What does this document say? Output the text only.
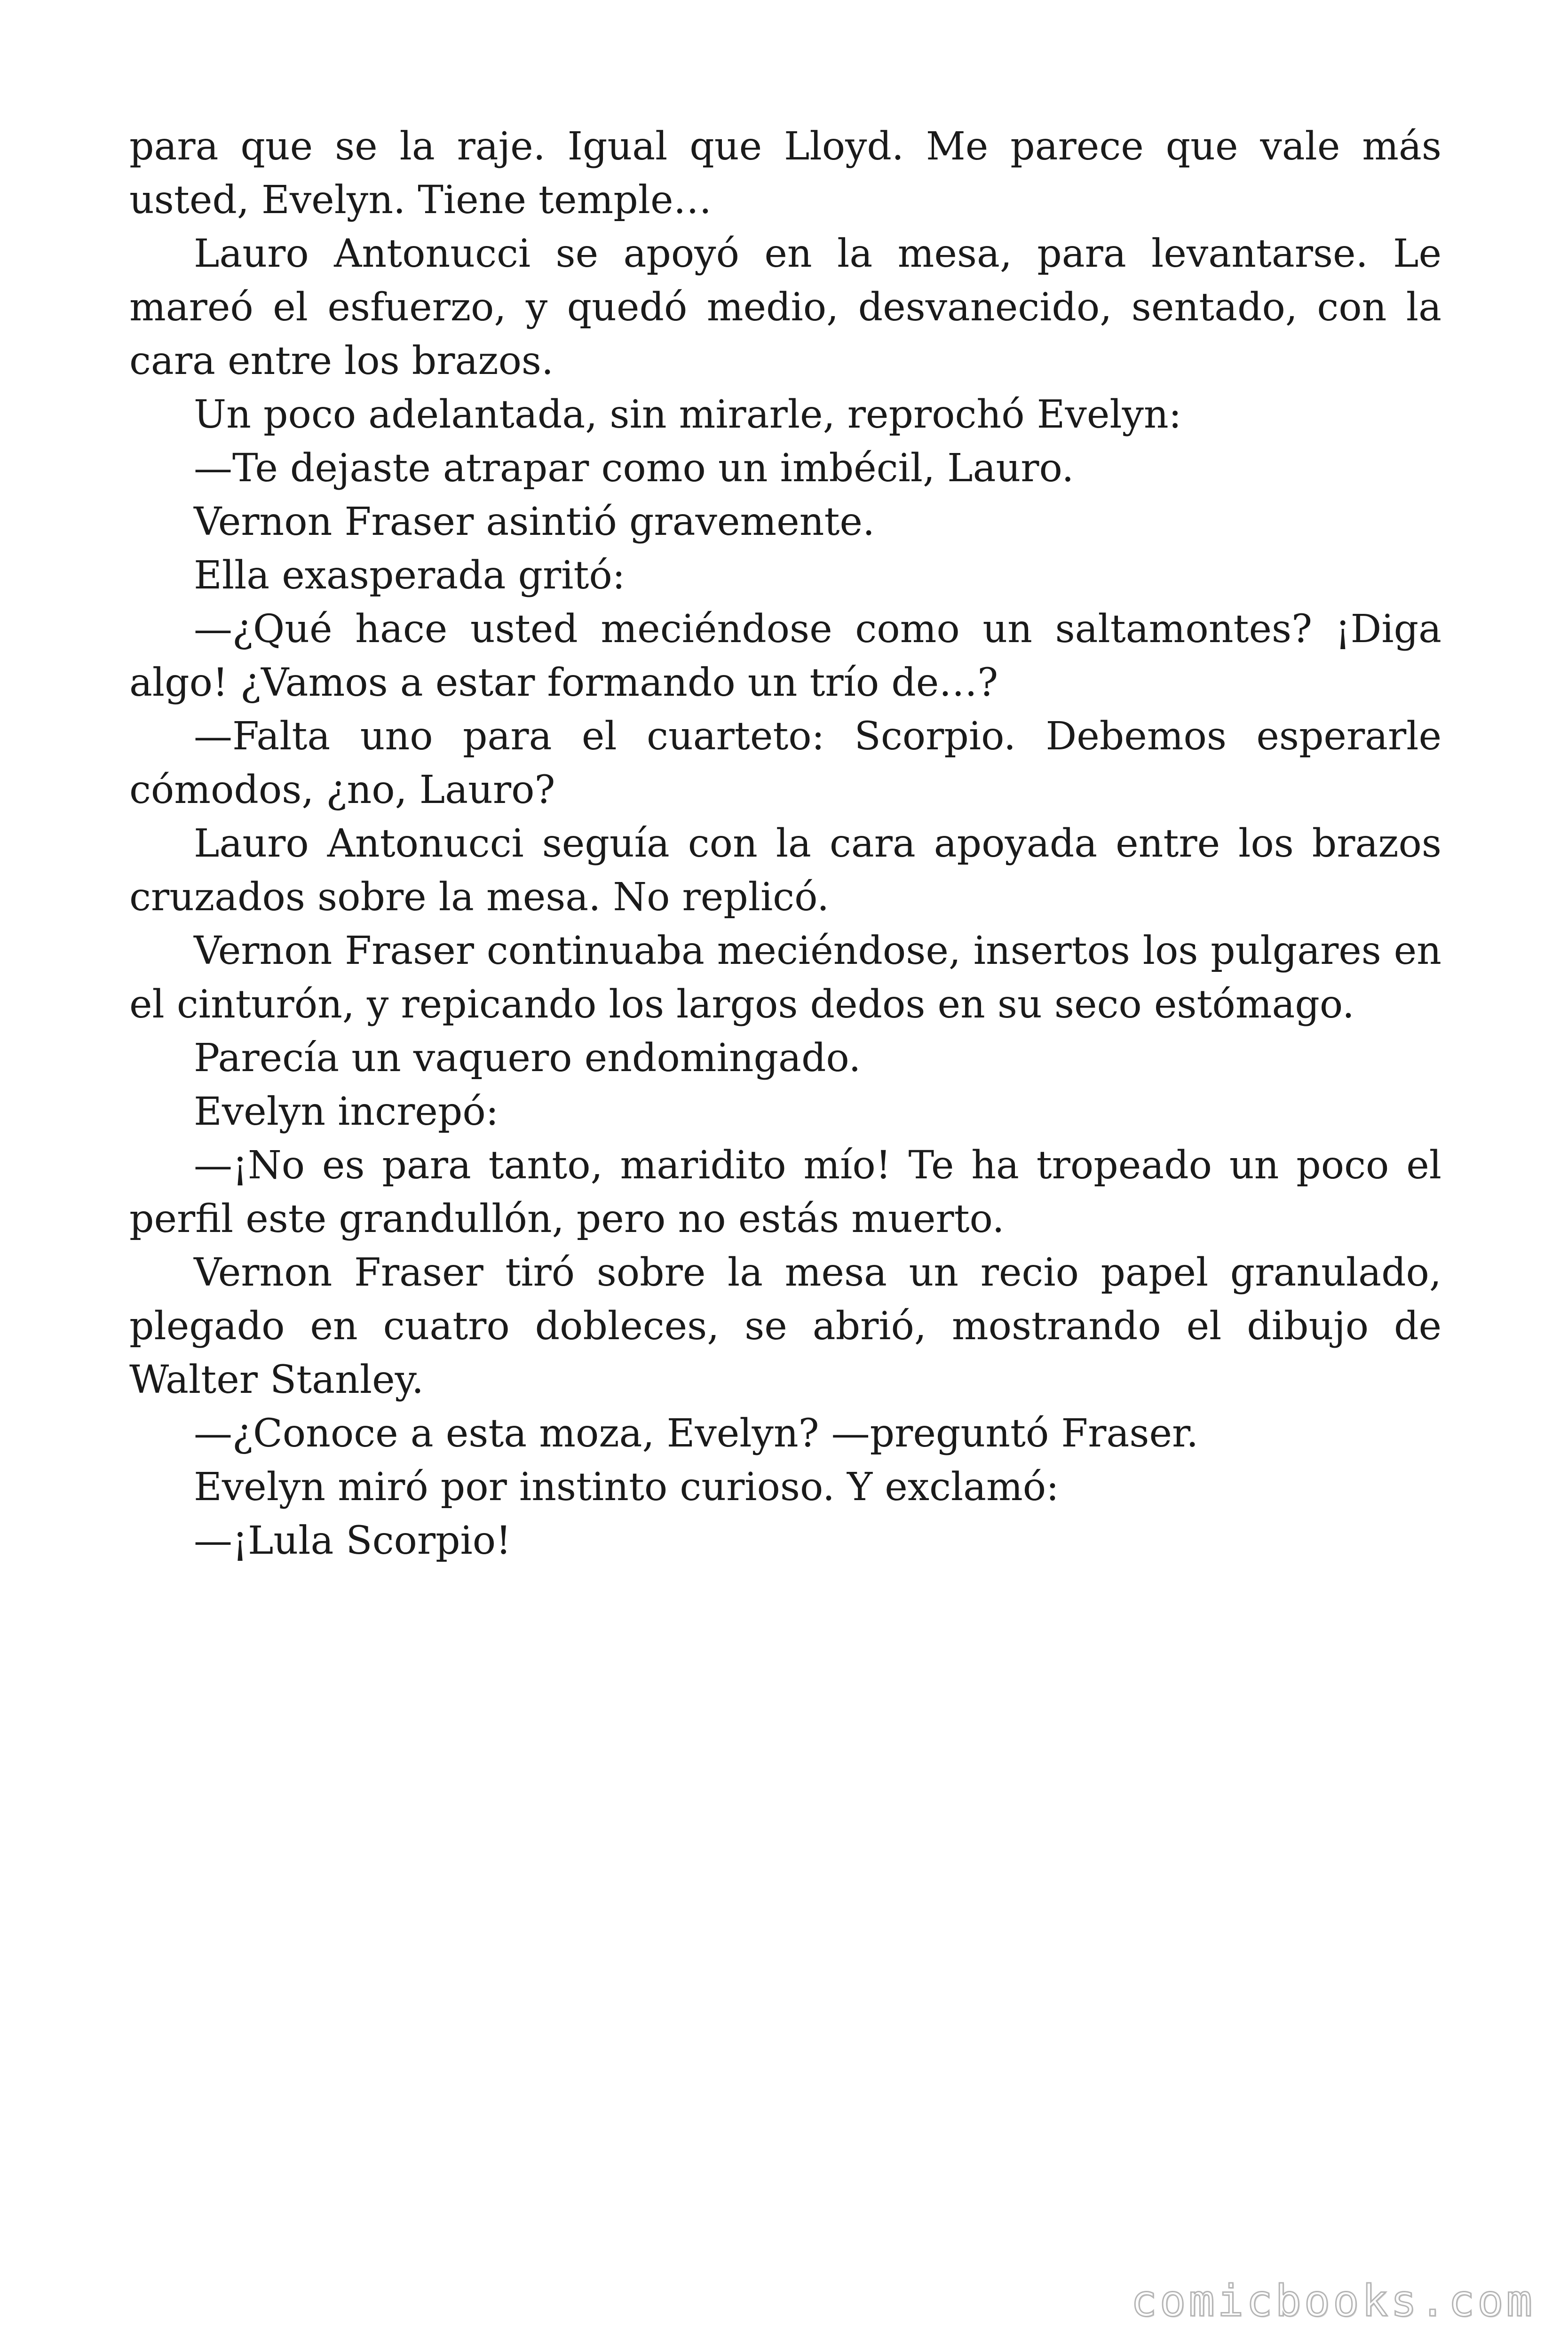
para que se la raje. Igual que Lloyd. Me parece que vale más usted, Evelyn. Tiene temple…

Lauro Antonucci se apoyó en la mesa, para levantarse. Le mareó el esfuerzo, y quedó medio, desvanecido, sentado, con la cara entre los brazos.

Un poco adelantada, sin mirarle, reprochó Evelyn:

—Te dejaste atrapar como un imbécil, Lauro.

Vernon Fraser asintió gravemente.

Ella exasperada gritó:

—¿Qué hace usted meciéndose como un saltamontes? ¡Diga algo! ¿Vamos a estar formando un trío de…?

—Falta uno para el cuarteto: Scorpio. Debemos esperarle cómodos, ¿no, Lauro?

Lauro Antonucci seguía con la cara apoyada entre los brazos cruzados sobre la mesa. No replicó.

Vernon Fraser continuaba meciéndose, insertos los pulgares en el cinturón, y repicando los largos dedos en su seco estómago.

Parecía un vaquero endomingado.

Evelyn increpó:

—¡No es para tanto, maridito mío! Te ha tropeado un poco el perfil este grandullón, pero no estás muerto.

Vernon Fraser tiró sobre la mesa un recio papel granulado, plegado en cuatro dobleces, se abrió, mostrando el dibujo de Walter Stanley.

—¿Conoce a esta moza, Evelyn? —preguntó Fraser.

Evelyn miró por instinto curioso. Y exclamó:

—¡Lula Scorpio!

comicbooks.com
